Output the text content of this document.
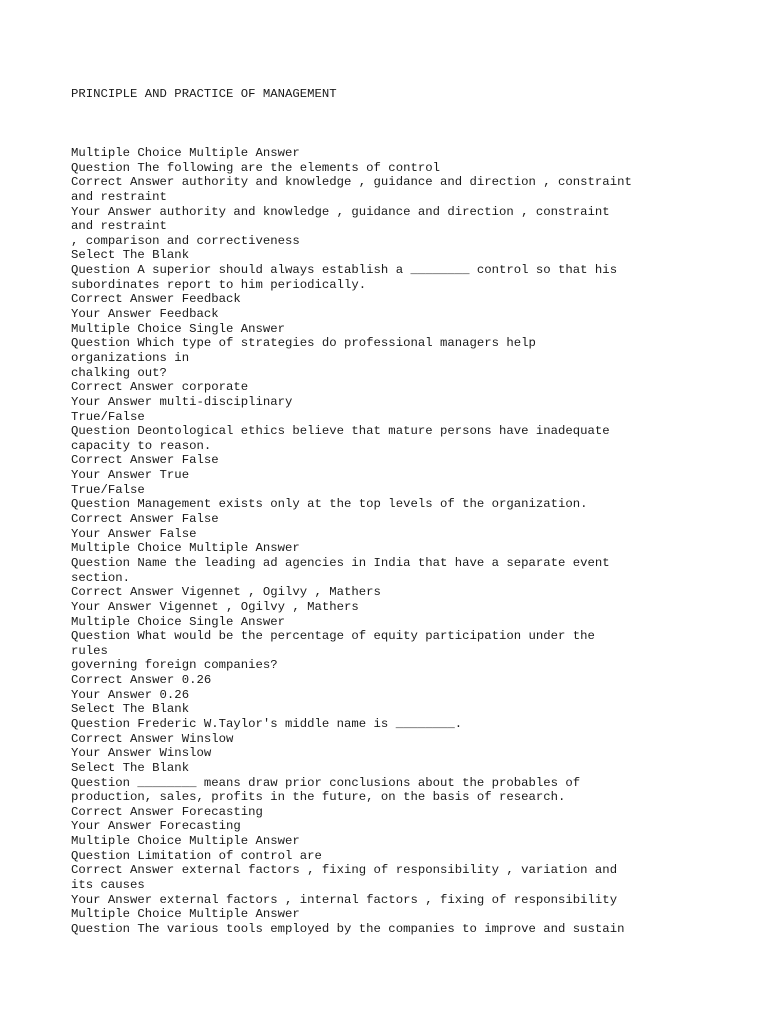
PRINCIPLE AND PRACTICE OF MANAGEMENT
Multiple Choice Multiple Answer
Question The following are the elements of control
Correct Answer authority and knowledge , guidance and direction , constraint
and restraint
Your Answer authority and knowledge , guidance and direction , constraint
and restraint
, comparison and correctiveness
Select The Blank
Question A superior should always establish a ________ control so that his
subordinates report to him periodically.
Correct Answer Feedback
Your Answer Feedback
Multiple Choice Single Answer
Question Which type of strategies do professional managers help
organizations in
chalking out?
Correct Answer corporate
Your Answer multi-disciplinary
True/False
Question Deontological ethics believe that mature persons have inadequate
capacity to reason.
Correct Answer False
Your Answer True
True/False
Question Management exists only at the top levels of the organization.
Correct Answer False
Your Answer False
Multiple Choice Multiple Answer
Question Name the leading ad agencies in India that have a separate event
section.
Correct Answer Vigennet , Ogilvy , Mathers
Your Answer Vigennet , Ogilvy , Mathers
Multiple Choice Single Answer
Question What would be the percentage of equity participation under the
rules
governing foreign companies?
Correct Answer 0.26
Your Answer 0.26
Select The Blank
Question Frederic W.Taylor's middle name is ________.
Correct Answer Winslow
Your Answer Winslow
Select The Blank
Question ________ means draw prior conclusions about the probables of
production, sales, profits in the future, on the basis of research.
Correct Answer Forecasting
Your Answer Forecasting
Multiple Choice Multiple Answer
Question Limitation of control are
Correct Answer external factors , fixing of responsibility , variation and
its causes
Your Answer external factors , internal factors , fixing of responsibility
Multiple Choice Multiple Answer
Question The various tools employed by the companies to improve and sustain
